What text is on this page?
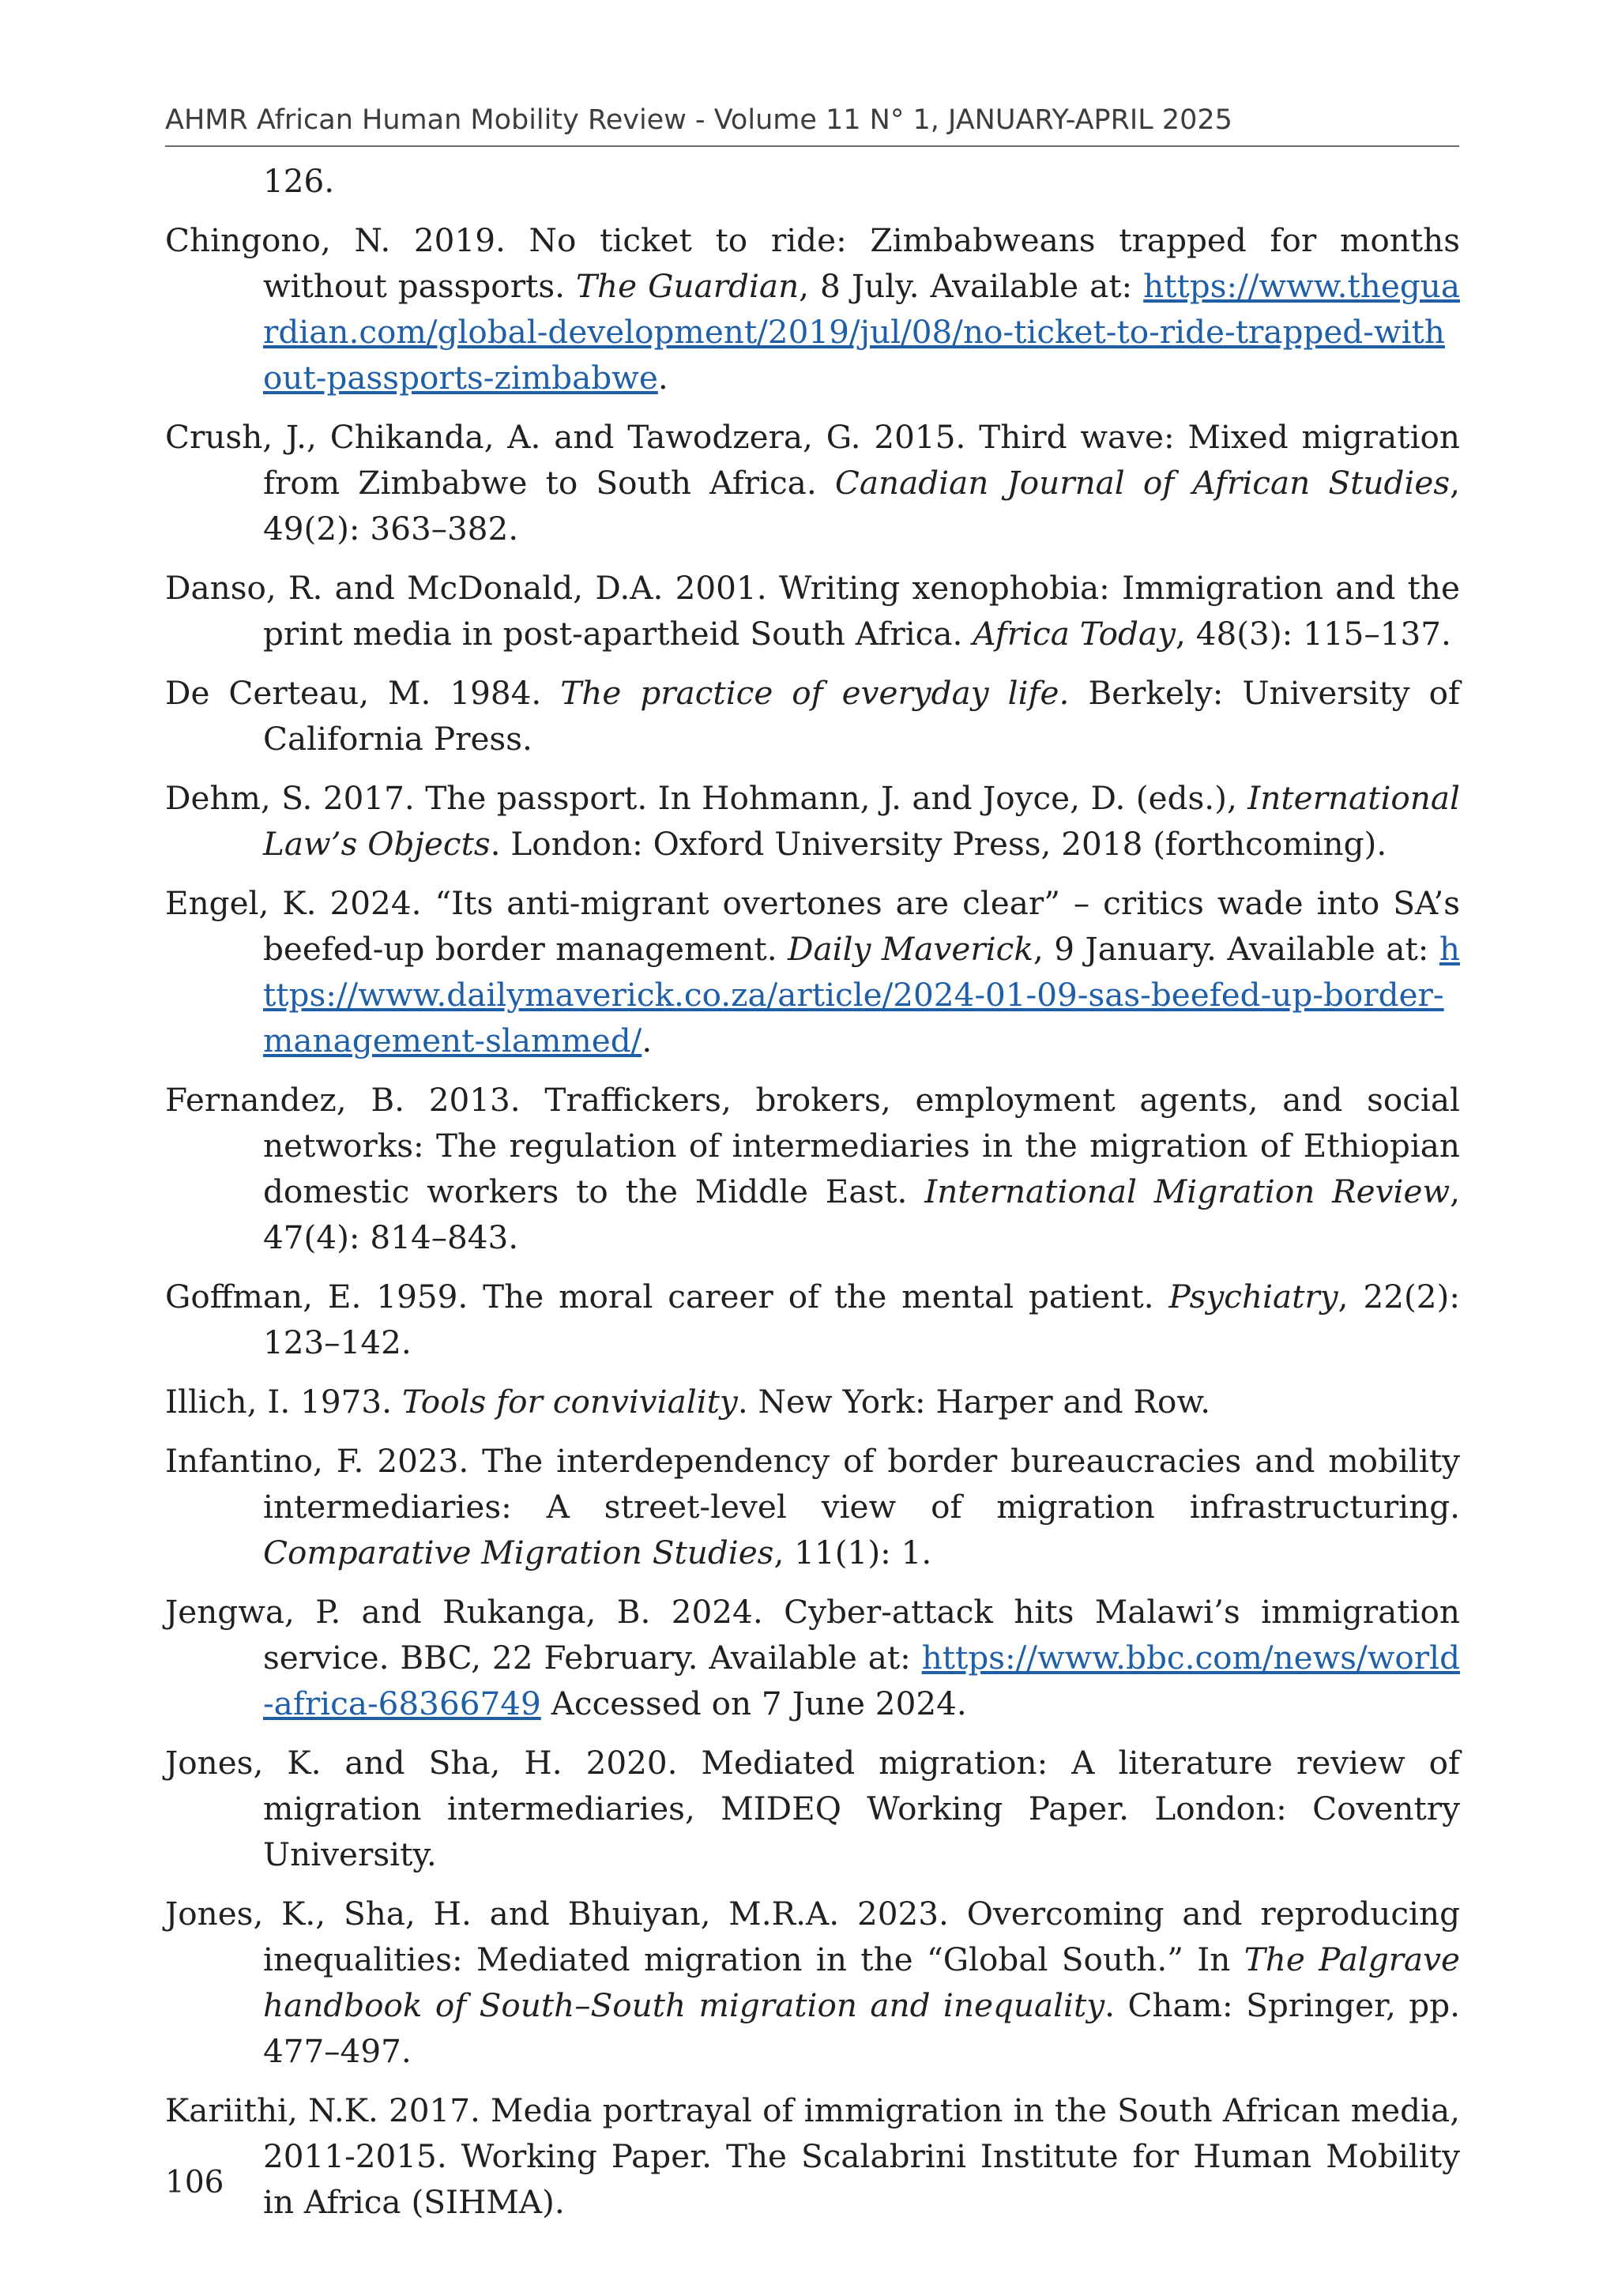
AHMR African Human Mobility Review - Volume 11 N° 1, JANUARY-APRIL 2025

126.

Chingono, N. 2019. No ticket to ride: Zimbabweans trapped for months without passports. The Guardian, 8 July. Available at: https://www.theguardian.com/global-development/2019/jul/08/no-ticket-to-ride-trapped-without-passports-zimbabwe.

Crush, J., Chikanda, A. and Tawodzera, G. 2015. Third wave: Mixed migration from Zimbabwe to South Africa. Canadian Journal of African Studies, 49(2): 363–382.

Danso, R. and McDonald, D.A. 2001. Writing xenophobia: Immigration and the print media in post-apartheid South Africa. Africa Today, 48(3): 115–137.

De Certeau, M. 1984. The practice of everyday life. Berkely: University of California Press.

Dehm, S. 2017. The passport. In Hohmann, J. and Joyce, D. (eds.), International Law’s Objects. London: Oxford University Press, 2018 (forthcoming).

Engel, K. 2024. “Its anti-migrant overtones are clear” – critics wade into SA’s beefed-up border management. Daily Maverick, 9 January. Available at: https://www.dailymaverick.co.za/article/2024-01-09-sas-beefed-up-border-management-slammed/.

Fernandez, B. 2013. Traffickers, brokers, employment agents, and social networks: The regulation of intermediaries in the migration of Ethiopian domestic workers to the Middle East. International Migration Review, 47(4): 814–843.

Goffman, E. 1959. The moral career of the mental patient. Psychiatry, 22(2): 123–142.

Illich, I. 1973. Tools for conviviality. New York: Harper and Row.

Infantino, F. 2023. The interdependency of border bureaucracies and mobility intermediaries: A street-level view of migration infrastructuring. Comparative Migration Studies, 11(1): 1.

Jengwa, P. and Rukanga, B. 2024. Cyber-attack hits Malawi’s immigration service. BBC, 22 February. Available at: https://www.bbc.com/news/world-africa-68366749 Accessed on 7 June 2024.

Jones, K. and Sha, H. 2020. Mediated migration: A literature review of migration intermediaries, MIDEQ Working Paper. London: Coventry University.

Jones, K., Sha, H. and Bhuiyan, M.R.A. 2023. Overcoming and reproducing inequalities: Mediated migration in the “Global South.” In The Palgrave handbook of South–South migration and inequality. Cham: Springer, pp. 477–497.

Kariithi, N.K. 2017. Media portrayal of immigration in the South African media, 2011-2015. Working Paper. The Scalabrini Institute for Human Mobility in Africa (SIHMA).

106
